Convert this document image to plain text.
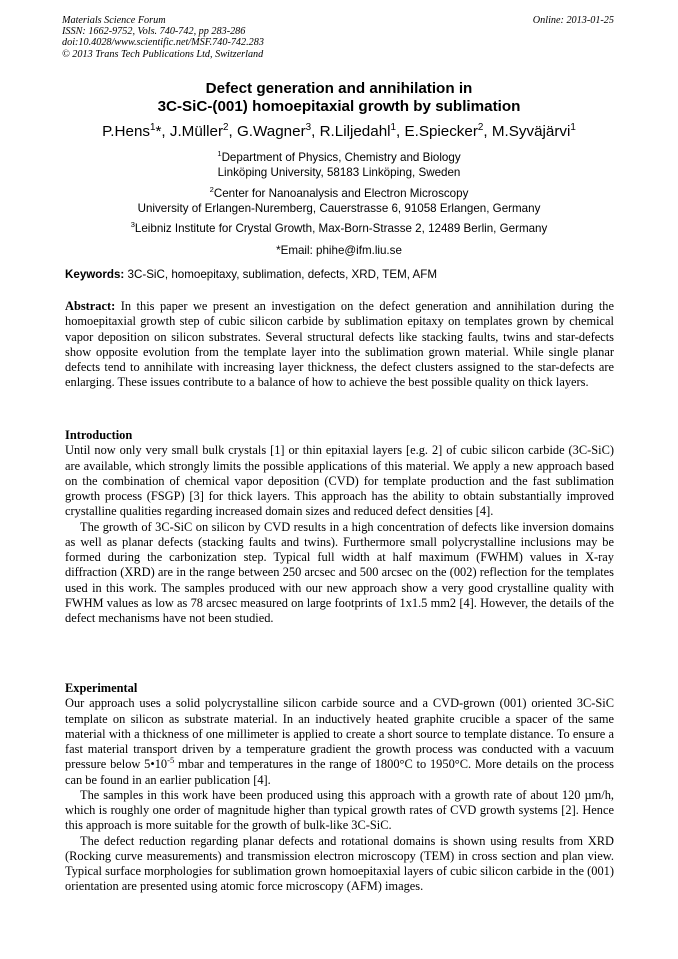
Materials Science Forum
ISSN: 1662-9752, Vols. 740-742, pp 283-286
doi:10.4028/www.scientific.net/MSF.740-742.283
© 2013 Trans Tech Publications Ltd, Switzerland
Online: 2013-01-25
Defect generation and annihilation in
3C-SiC-(001) homoepitaxial growth by sublimation
P.Hens$^1$*, J.Müller$^2$, G.Wagner$^3$, R.Liljedahl$^1$, E.Spiecker$^2$, M.Syväjärvi$^1$
$^1$Department of Physics, Chemistry and Biology
Linköping University, 58183 Linköping, Sweden
$^2$Center for Nanoanalysis and Electron Microscopy
University of Erlangen-Nuremberg, Cauerstrasse 6, 91058 Erlangen, Germany
$^3$Leibniz Institute for Crystal Growth, Max-Born-Strasse 2, 12489 Berlin, Germany
*Email: phihe@ifm.liu.se
Keywords: 3C-SiC, homoepitaxy, sublimation, defects, XRD, TEM, AFM

Abstract: In this paper we present an investigation on the defect generation and annihilation during the homoepitaxial growth step of cubic silicon carbide by sublimation epitaxy on templates grown by chemical vapor deposition on silicon substrates. Several structural defects like stacking faults, twins and star-defects show opposite evolution from the template layer into the sublimation grown material. While single planar defects tend to annihilate with increasing layer thickness, the defect clusters assigned to the star-defects are enlarging. These issues contribute to a balance of how to achieve the best possible quality on thick layers.

Introduction

Until now only very small bulk crystals [1] or thin epitaxial layers [e.g. 2] of cubic silicon carbide (3C-SiC) are available, which strongly limits the possible applications of this material. We apply a new approach based on the combination of chemical vapor deposition (CVD) for template production and the fast sublimation growth process (FSGP) [3] for thick layers. This approach has the ability to obtain substantially improved crystalline qualities regarding increased domain sizes and reduced defect densities [4].

The growth of 3C-SiC on silicon by CVD results in a high concentration of defects like inversion domains as well as planar defects (stacking faults and twins). Furthermore small polycrystalline inclusions may be formed during the carbonization step. Typical full width at half maximum (FWHM) values in X-ray diffraction (XRD) are in the range between 250 arcsec and 500 arcsec on the (002) reflection for the templates used in this work. The samples produced with our new approach show a very good crystalline quality with FWHM values as low as 78 arcsec measured on large footprints of 1x1.5 mm2 [4]. However, the details of the defect mechanisms have not been studied.

Experimental

Our approach uses a solid polycrystalline silicon carbide source and a CVD-grown (001) oriented 3C-SiC template on silicon as substrate material. In an inductively heated graphite crucible a spacer of the same material with a thickness of one millimeter is applied to create a short source to template distance. To ensure a fast material transport driven by a temperature gradient the growth process was conducted with a vacuum pressure below $5•10^{-5}$ mbar and temperatures in the range of 1800°C to 1950°C. More details on the process can be found in an earlier publication [4].

The samples in this work have been produced using this approach with a growth rate of about 120 µm/h, which is roughly one order of magnitude higher than typical growth rates of CVD growth systems [2]. Hence this approach is more suitable for the growth of bulk-like 3C-SiC.

The defect reduction regarding planar defects and rotational domains is shown using results from XRD (Rocking curve measurements) and transmission electron microscopy (TEM) in cross section and plan view. Typical surface morphologies for sublimation grown homoepitaxial layers of cubic silicon carbide in the (001) orientation are presented using atomic force microscopy (AFM) images.
